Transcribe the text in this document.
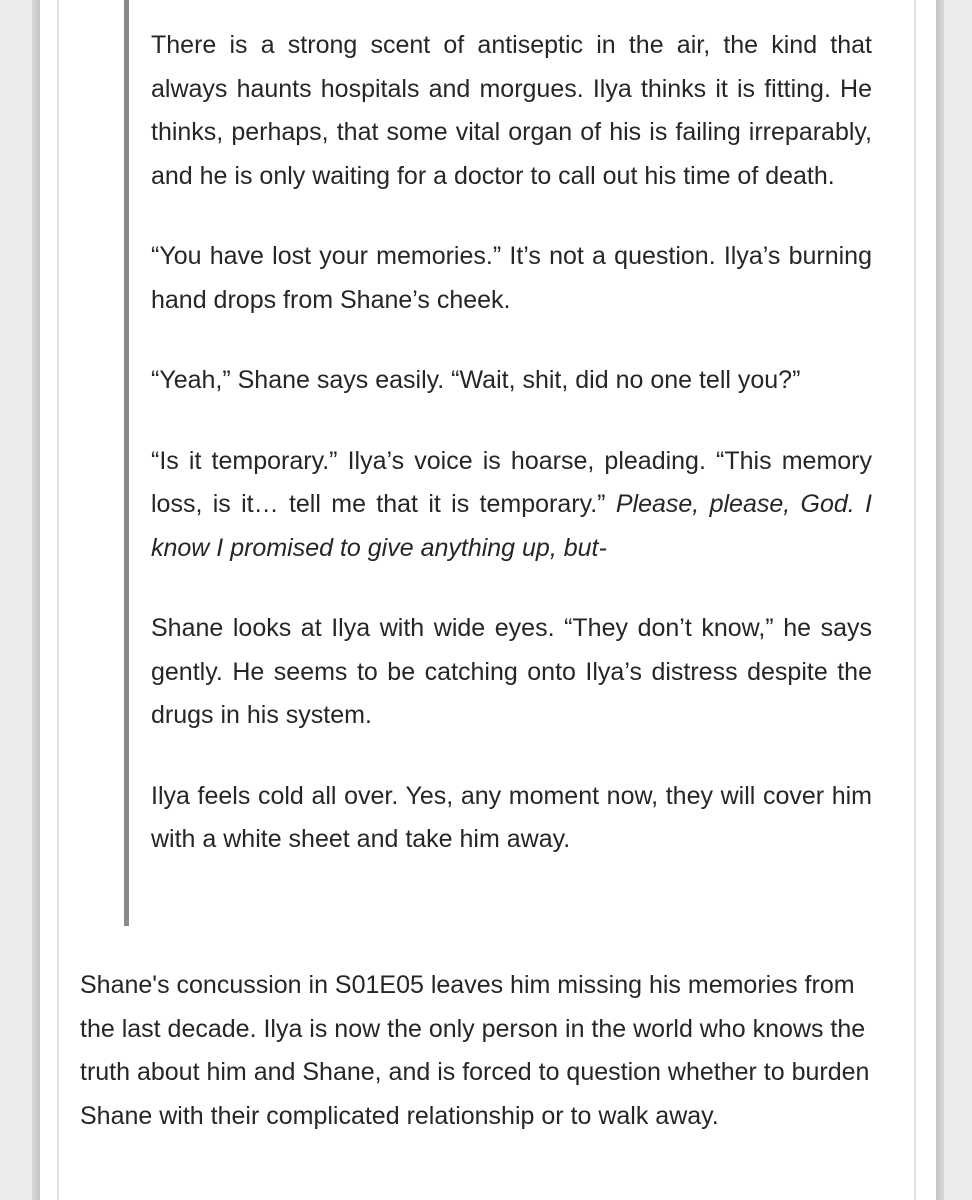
There is a strong scent of antiseptic in the air, the kind that always haunts hospitals and morgues. Ilya thinks it is fitting. He thinks, perhaps, that some vital organ of his is failing irreparably, and he is only waiting for a doctor to call out his time of death.

“You have lost your memories.” It’s not a question. Ilya’s burning hand drops from Shane’s cheek.

“Yeah,” Shane says easily. “Wait, shit, did no one tell you?”

“Is it temporary.” Ilya’s voice is hoarse, pleading. “This memory loss, is it… tell me that it is temporary.” Please, please, God. I know I promised to give anything up, but-

Shane looks at Ilya with wide eyes. “They don’t know,” he says gently. He seems to be catching onto Ilya’s distress despite the drugs in his system.

Ilya feels cold all over. Yes, any moment now, they will cover him with a white sheet and take him away.

Shane's concussion in S01E05 leaves him missing his memories from the last decade. Ilya is now the only person in the world who knows the truth about him and Shane, and is forced to question whether to burden Shane with their complicated relationship or to walk away.
